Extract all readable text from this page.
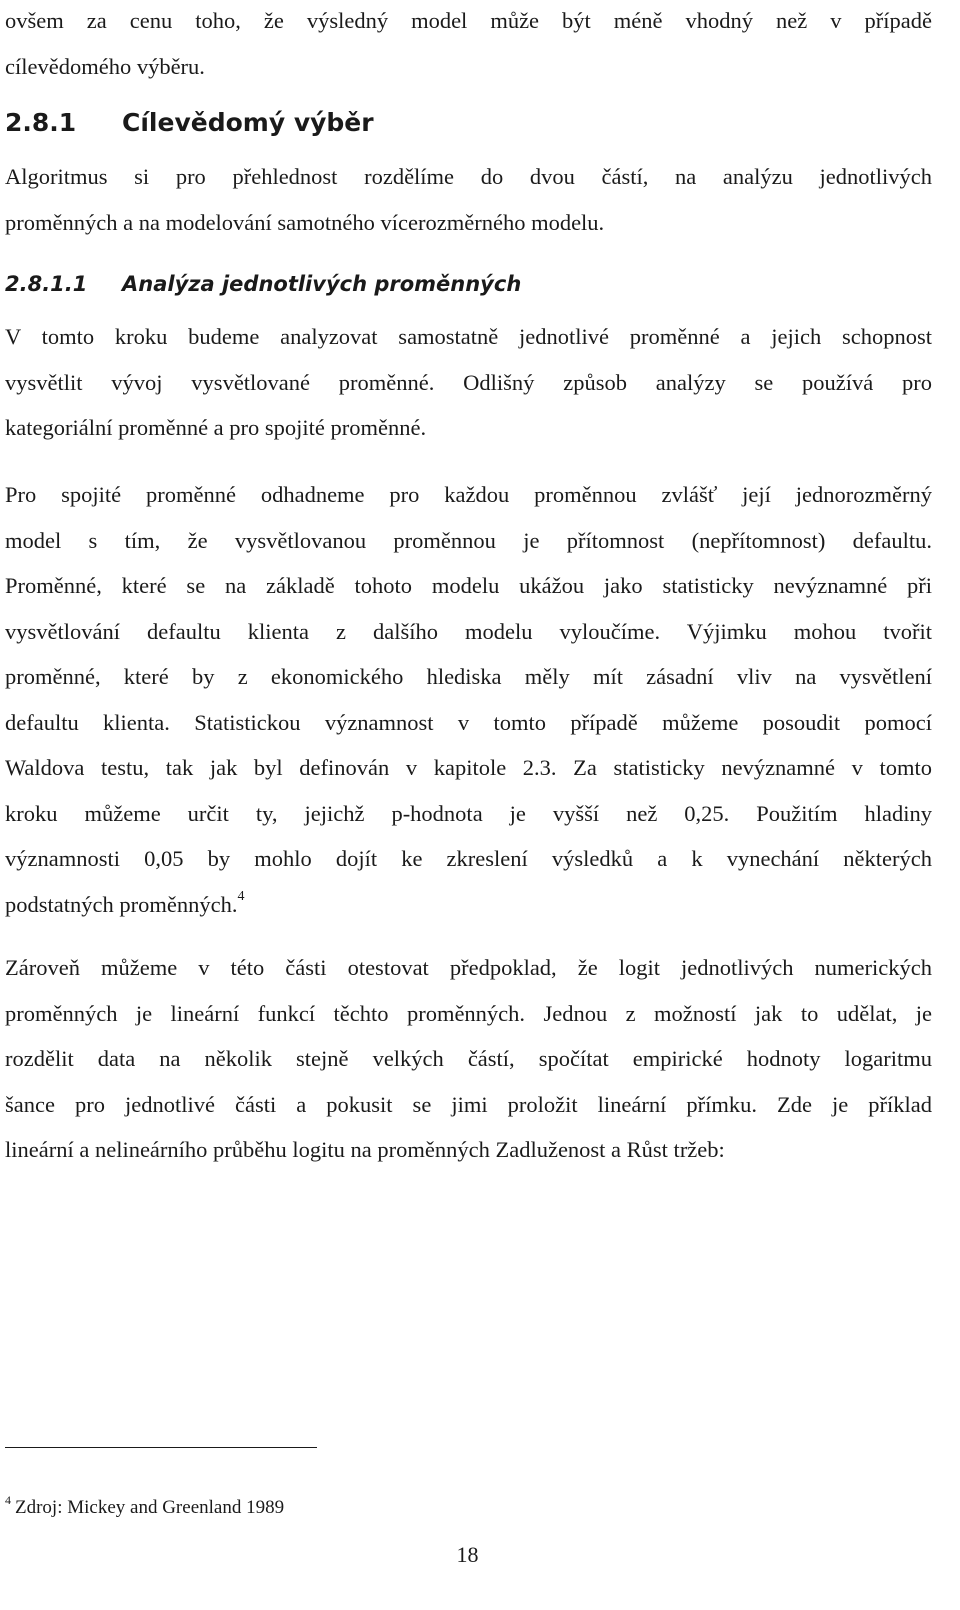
ovšem za cenu toho, že výsledný model může být méně vhodný než v případě
cílevědomého výběru.

2.8.1 Cílevědomý výběr

Algoritmus si pro přehlednost rozdělíme do dvou částí, na analýzu jednotlivých
proměnných a na modelování samotného vícerozměrného modelu.

2.8.1.1 Analýza jednotlivých proměnných

V tomto kroku budeme analyzovat samostatně jednotlivé proměnné a jejich schopnost
vysvětlit vývoj vysvětlované proměnné. Odlišný způsob analýzy se používá pro
kategoriální proměnné a pro spojité proměnné.

Pro spojité proměnné odhadneme pro každou proměnnou zvlášť její jednorozměrný
model s tím, že vysvětlovanou proměnnou je přítomnost (nepřítomnost) defaultu.
Proměnné, které se na základě tohoto modelu ukážou jako statisticky nevýznamné při
vysvětlování defaultu klienta z dalšího modelu vyloučíme. Výjimku mohou tvořit
proměnné, které by z ekonomického hlediska měly mít zásadní vliv na vysvětlení
defaultu klienta. Statistickou významnost v tomto případě můžeme posoudit pomocí
Waldova testu, tak jak byl definován v kapitole 2.3. Za statisticky nevýznamné v tomto
kroku můžeme určit ty, jejichž p-hodnota je vyšší než 0,25. Použitím hladiny
významnosti 0,05 by mohlo dojít ke zkreslení výsledků a k vynechání některých
podstatných proměnných.$^4$

Zároveň můžeme v této části otestovat předpoklad, že logit jednotlivých numerických
proměnných je lineární funkcí těchto proměnných. Jednou z možností jak to udělat, je
rozdělit data na několik stejně velkých částí, spočítat empirické hodnoty logaritmu
šance pro jednotlivé části a pokusit se jimi proložit lineární přímku. Zde je příklad
lineární a nelineárního průběhu logitu na proměnných Zadluženost a Růst tržeb:

$^4$ Zdroj: Mickey and Greenland 1989

18
